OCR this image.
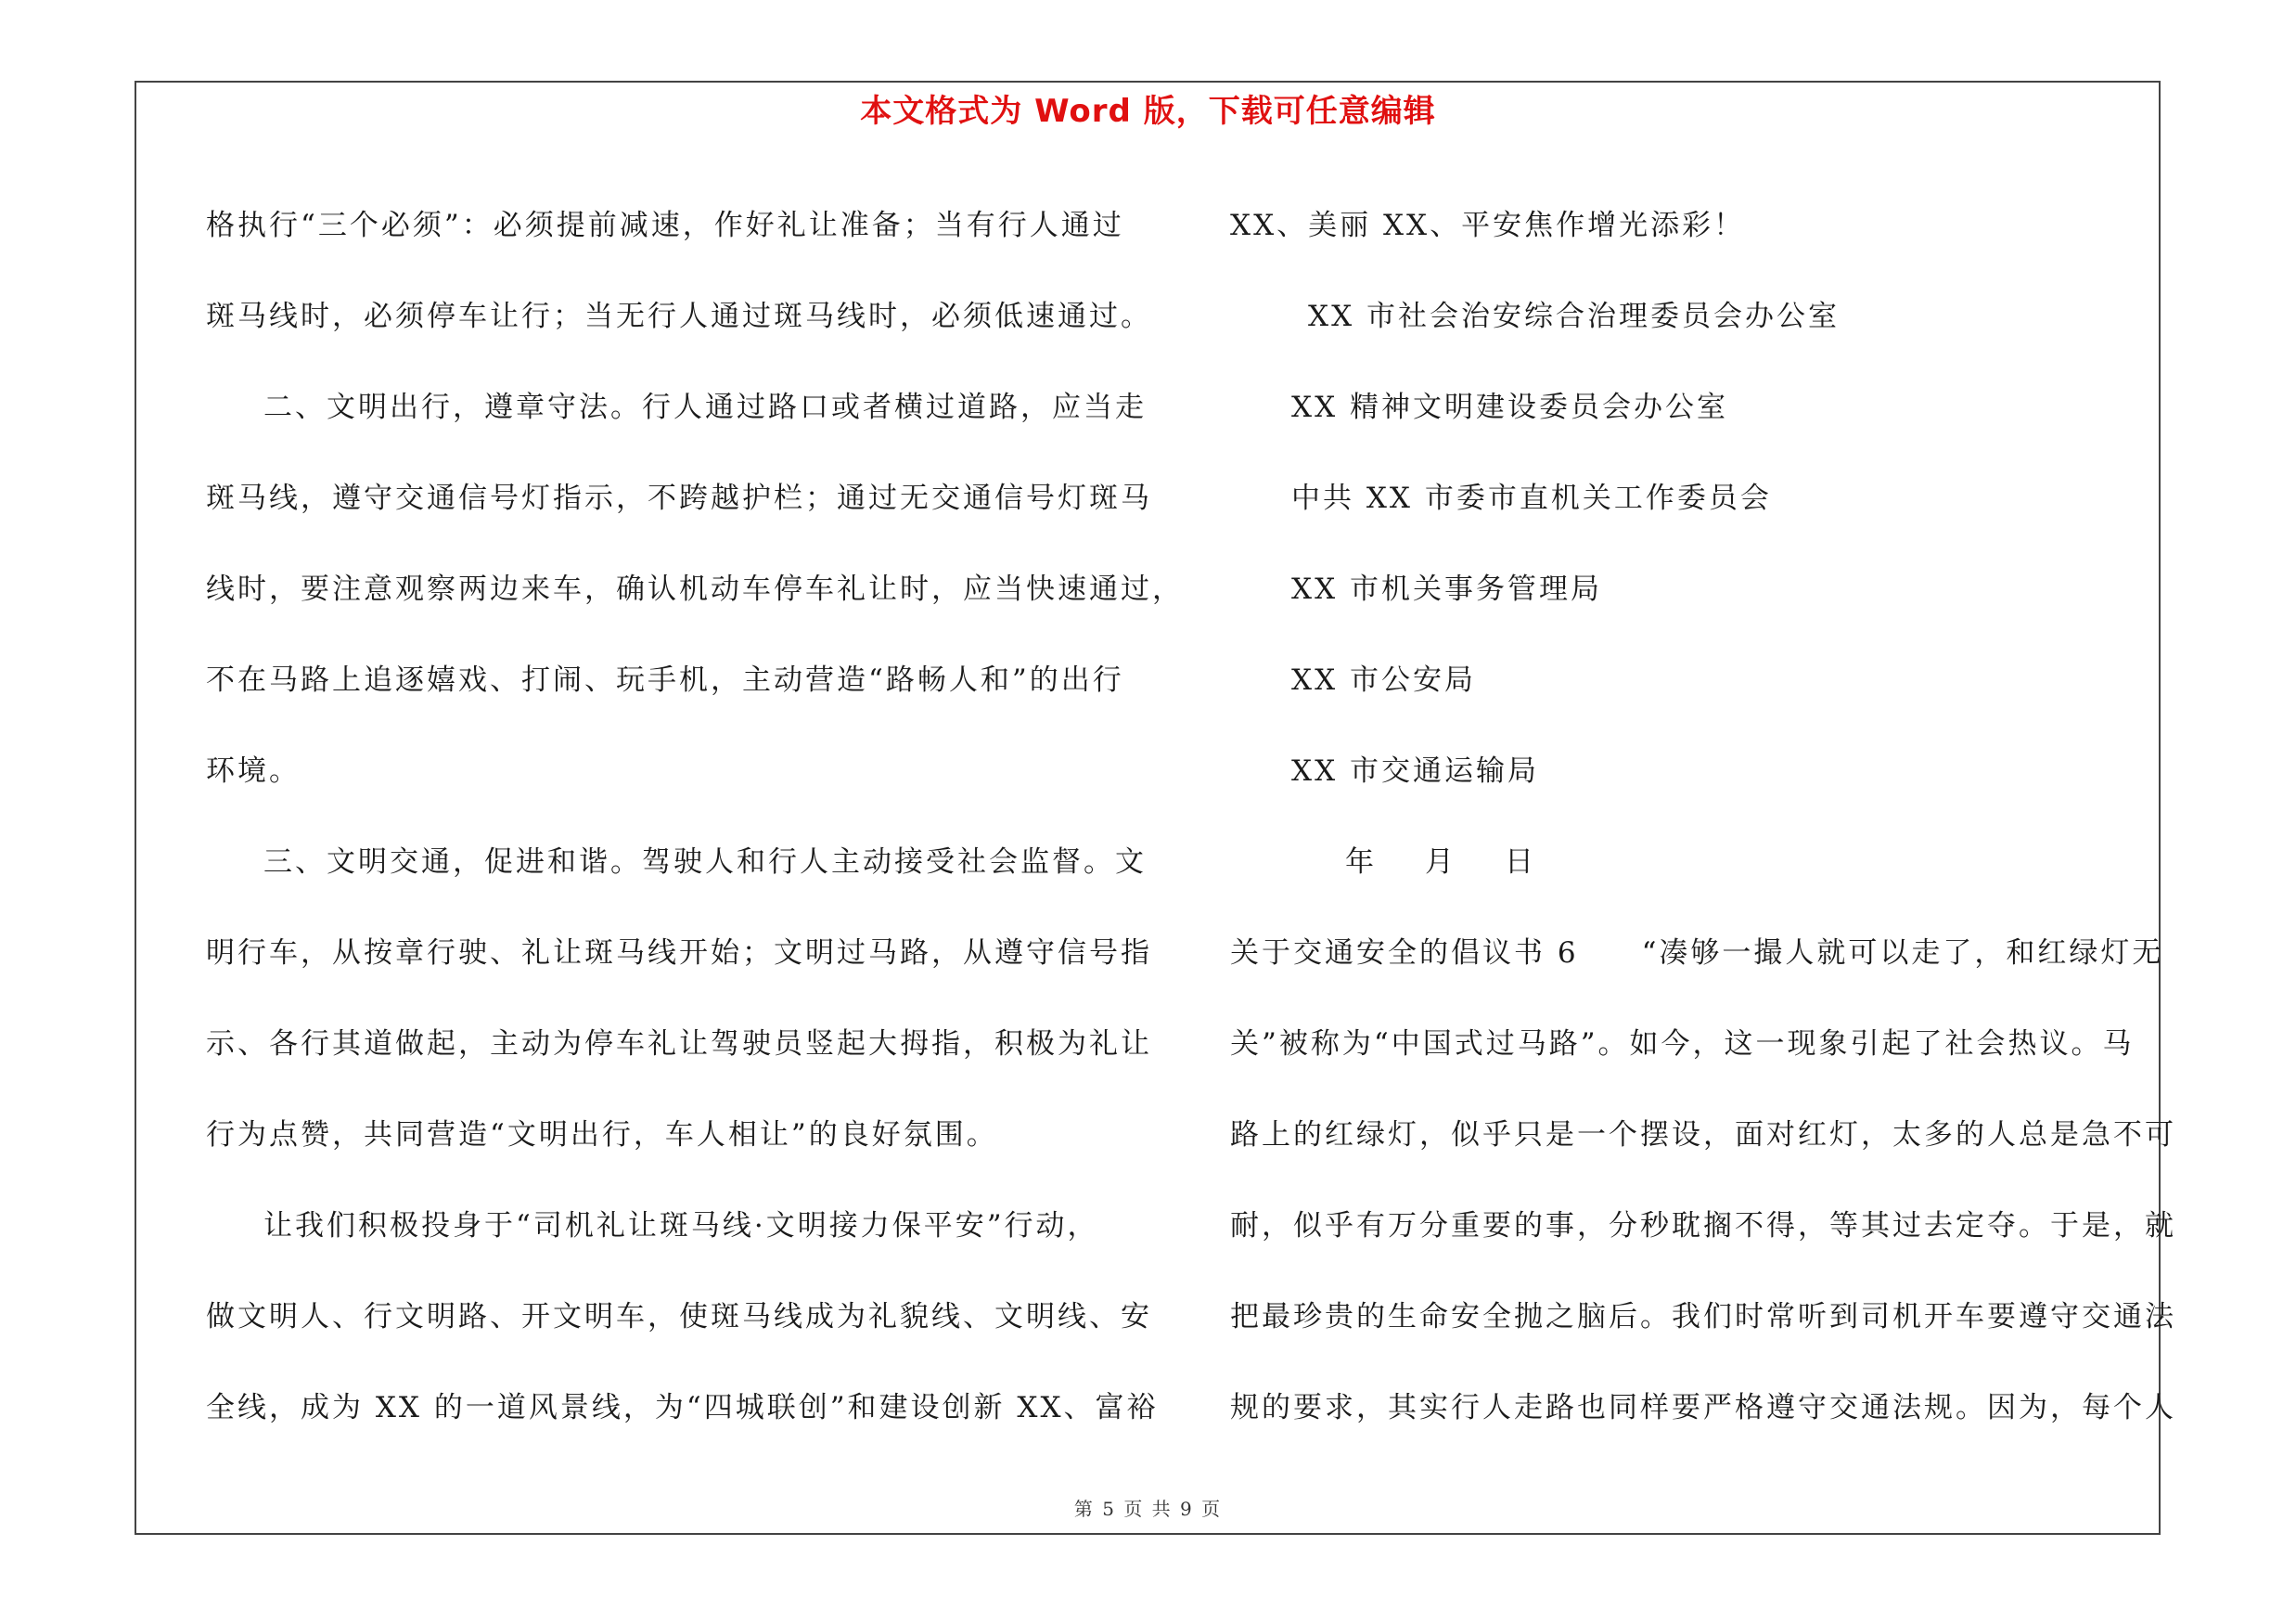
本文格式为 Word 版，下载可任意编辑
格执行“三个必须”：必须提前减速，作好礼让准备；当有行人通过
斑马线时，必须停车让行；当无行人通过斑马线时，必须低速通过。
二、文明出行，遵章守法。行人通过路口或者横过道路，应当走
斑马线，遵守交通信号灯指示，不跨越护栏；通过无交通信号灯斑马
线时，要注意观察两边来车，确认机动车停车礼让时，应当快速通过，
不在马路上追逐嬉戏、打闹、玩手机，主动营造“路畅人和”的出行
环境。
三、文明交通，促进和谐。驾驶人和行人主动接受社会监督。文
明行车，从按章行驶、礼让斑马线开始；文明过马路，从遵守信号指
示、各行其道做起，主动为停车礼让驾驶员竖起大拇指，积极为礼让
行为点赞，共同营造“文明出行，车人相让”的良好氛围。
让我们积极投身于“司机礼让斑马线·文明接力保平安”行动，
做文明人、行文明路、开文明车，使斑马线成为礼貌线、文明线、安
全线，成为 XX 的一道风景线，为“四城联创”和建设创新 XX、富裕
XX、美丽 XX、平安焦作增光添彩！
XX 市社会治安综合治理委员会办公室
XX 精神文明建设委员会办公室
中共 XX 市委市直机关工作委员会
XX 市机关事务管理局
XX 市公安局
XX 市交通运输局
年 月 日
关于交通安全的倡议书 6　　“凑够一撮人就可以走了，和红绿灯无
关”被称为“中国式过马路”。如今，这一现象引起了社会热议。马
路上的红绿灯，似乎只是一个摆设，面对红灯，太多的人总是急不可
耐，似乎有万分重要的事，分秒耽搁不得，等其过去定夺。于是，就
把最珍贵的生命安全抛之脑后。我们时常听到司机开车要遵守交通法
规的要求，其实行人走路也同样要严格遵守交通法规。因为，每个人
第 5 页 共 9 页
